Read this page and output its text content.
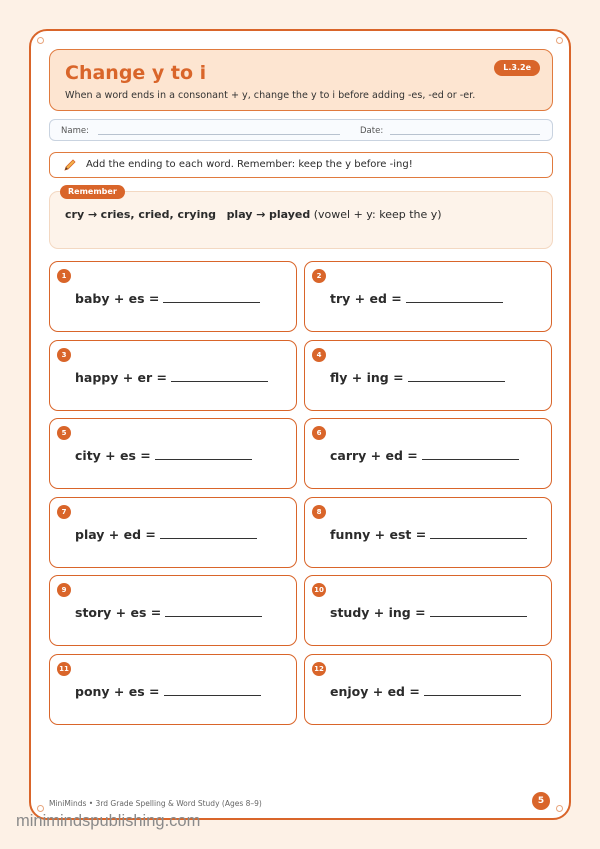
Change y to i
When a word ends in a consonant + y, change the y to i before adding -es, -ed or -er.
L.3.2e
Name:	Date:
Add the ending to each word. Remember: keep the y before -ing!
Remember
cry → cries, cried, crying play → played (vowel + y: keep the y)
1
baby + es =
2
try + ed =
3
happy + er =
4
fly + ing =
5
city + es =
6
carry + ed =
7
play + ed =
8
funny + est =
9
story + es =
10
study + ing =
11
pony + es =
12
enjoy + ed =
MiniMinds • 3rd Grade Spelling & Word Study (Ages 8–9)	5
minimindspublishing.com
